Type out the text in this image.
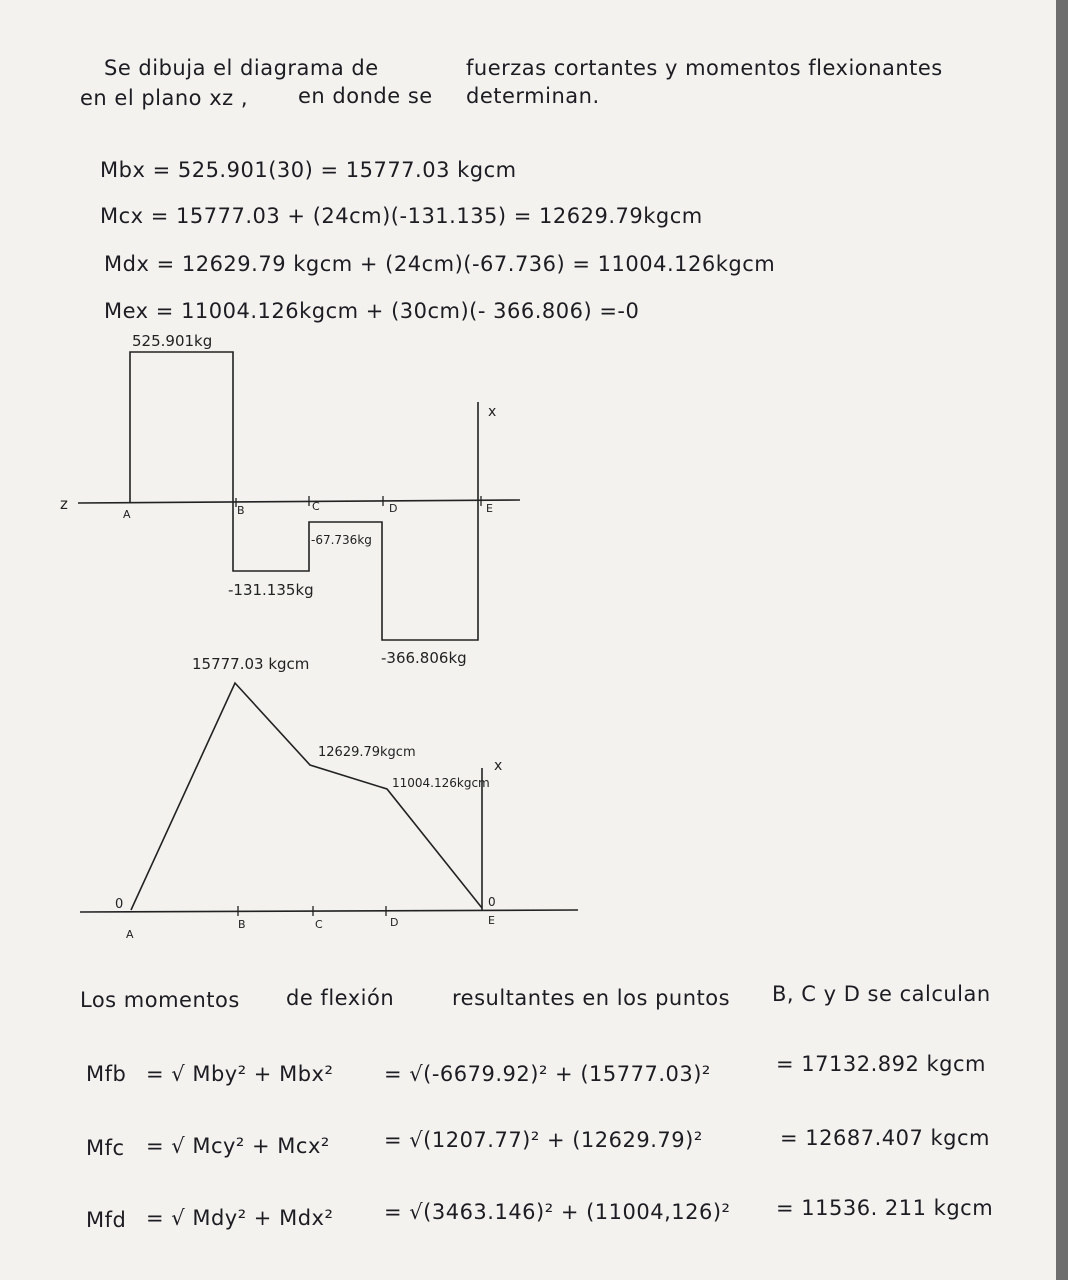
Se dibuja el diagrama de	fuerzas cortantes y momentos flexionantes
en el plano xz , en donde se determinan.
Mbx = 525.901(30) = 15777.03 kgcm
Mcx = 15777.03 + (24cm)(-131.135) = 12629.79kgcm
Mdx = 12629.79 kgcm + (24cm)(-67.736) = 11004.126kgcm
Mex = 11004.126kgcm + (30cm)(- 366.806) =-0
z
x
A	B	C	D	E
525.901kg
-131.135kg
-67.736kg
-366.806kg
x
0	0
A
B	C	D	E
15777.03 kgcm
12629.79kgcm
11004.126kgcm
Los momentos de flexión	resultantes en los puntos B, C y D se calculan
Mfb = √ Mby² + Mbx² = √(-6679.92)² + (15777.03)²	= 17132.892 kgcm
Mfc = √ Mcy² + Mcx²	= √(1207.77)² + (12629.79)²	= 12687.407 kgcm
Mfd = √ Mdy² + Mdx² = √(3463.146)² + (11004,126)² = 11536. 211 kgcm
